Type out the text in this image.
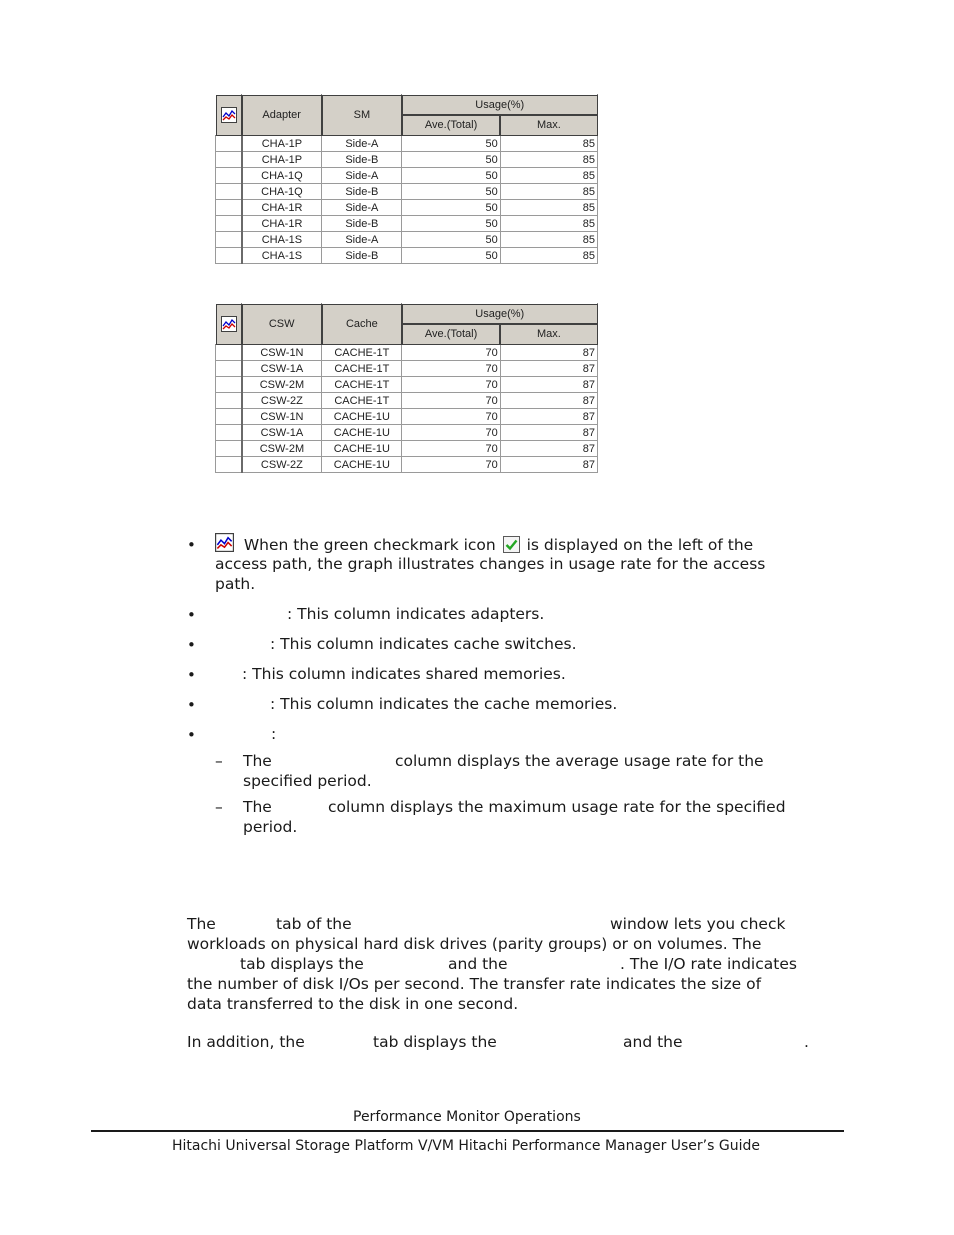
	Adapter	SM	Usage(%)	
			Ave.(Total)	Max.
	CHA-1P	Side-A	50	85
	CHA-1P	Side-B	50	85
	CHA-1Q	Side-A	50	85
	CHA-1Q	Side-B	50	85
	CHA-1R	Side-A	50	85
	CHA-1R	Side-B	50	85
	CHA-1S	Side-A	50	85
	CHA-1S	Side-B	50	85
	CSW	Cache	Usage(%)	
			Ave.(Total)	Max.
	CSW-1N	CACHE-1T	70	87
	CSW-1A	CACHE-1T	70	87
	CSW-2M	CACHE-1T	70	87
	CSW-2Z	CACHE-1T	70	87
	CSW-1N	CACHE-1U	70	87
	CSW-1A	CACHE-1U	70	87
	CSW-2M	CACHE-1U	70	87
	CSW-2Z	CACHE-1U	70	87
•	When the green checkmark icon is displayed on the left of the
access path, the graph illustrates changes in usage rate for the access
path.
•	: This column indicates adapters.
•	: This column indicates cache switches.
•	: This column indicates shared memories.
•	: This column indicates the cache memories.
•	:
– The	column displays the average usage rate for the
specified period.
– The	column displays the maximum usage rate for the specified
period.
The	tab of the	window lets you check
workloads on physical hard disk drives (parity groups) or on volumes. The
tab displays the	and the	. The I/O rate indicates
the number of disk I/Os per second. The transfer rate indicates the size of
data transferred to the disk in one second.
In addition, the	tab displays the	and the	.
Performance Monitor Operations
Hitachi Universal Storage Platform V/VM Hitachi Performance Manager User’s Guide
